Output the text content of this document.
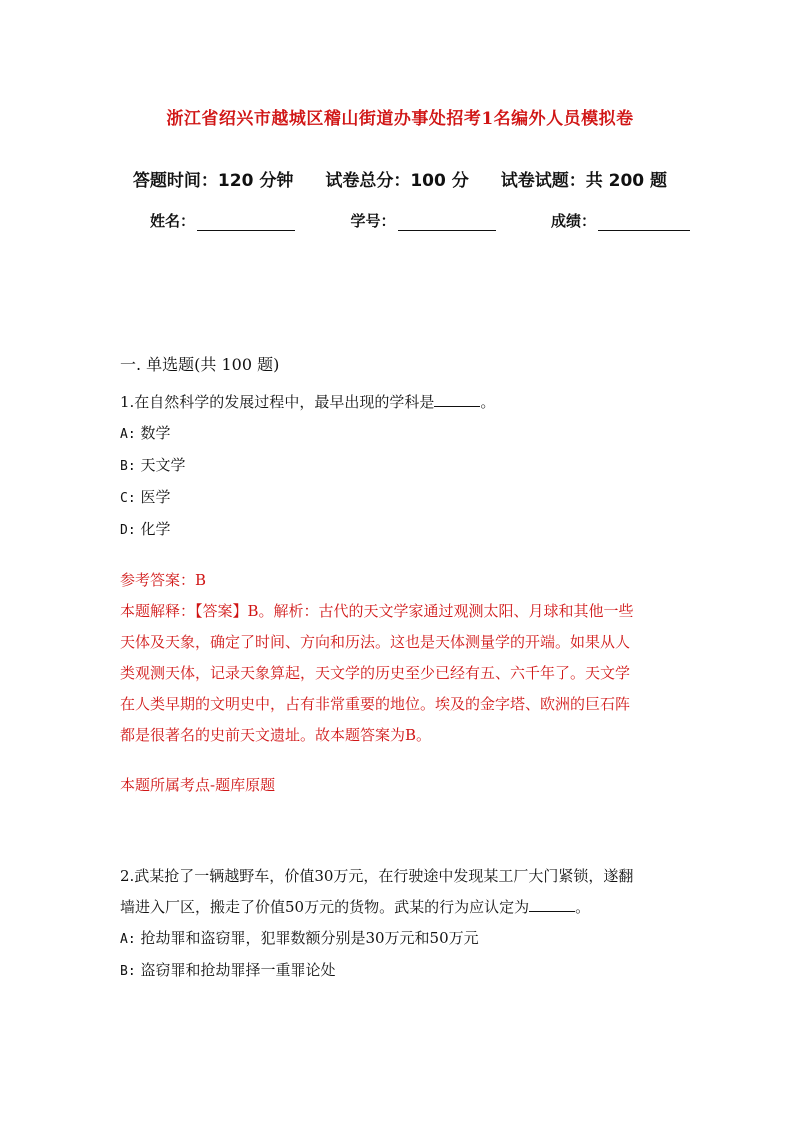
浙江省绍兴市越城区稽山街道办事处招考1名编外人员模拟卷
答题时间：120 分钟 试卷总分：100 分 试卷试题：共 200 题
姓名：	学号：	成绩：
一. 单选题(共 100 题)
1.在自然科学的发展过程中，最早出现的学科是	。
A: 数学
B: 天文学
C: 医学
D: 化学
参考答案：B
本题解释：【答案】B。解析：古代的天文学家通过观测太阳、月球和其他一些
天体及天象，确定了时间、方向和历法。这也是天体测量学的开端。如果从人
类观测天体，记录天象算起，天文学的历史至少已经有五、六千年了。天文学
在人类早期的文明史中，占有非常重要的地位。埃及的金字塔、欧洲的巨石阵
都是很著名的史前天文遗址。故本题答案为B。
本题所属考点-题库原题
2.武某抢了一辆越野车，价值30万元，在行驶途中发现某工厂大门紧锁，遂翻
墙进入厂区，搬走了价值50万元的货物。武某的行为应认定为	。
A: 抢劫罪和盗窃罪，犯罪数额分别是30万元和50万元
B: 盗窃罪和抢劫罪择一重罪论处
